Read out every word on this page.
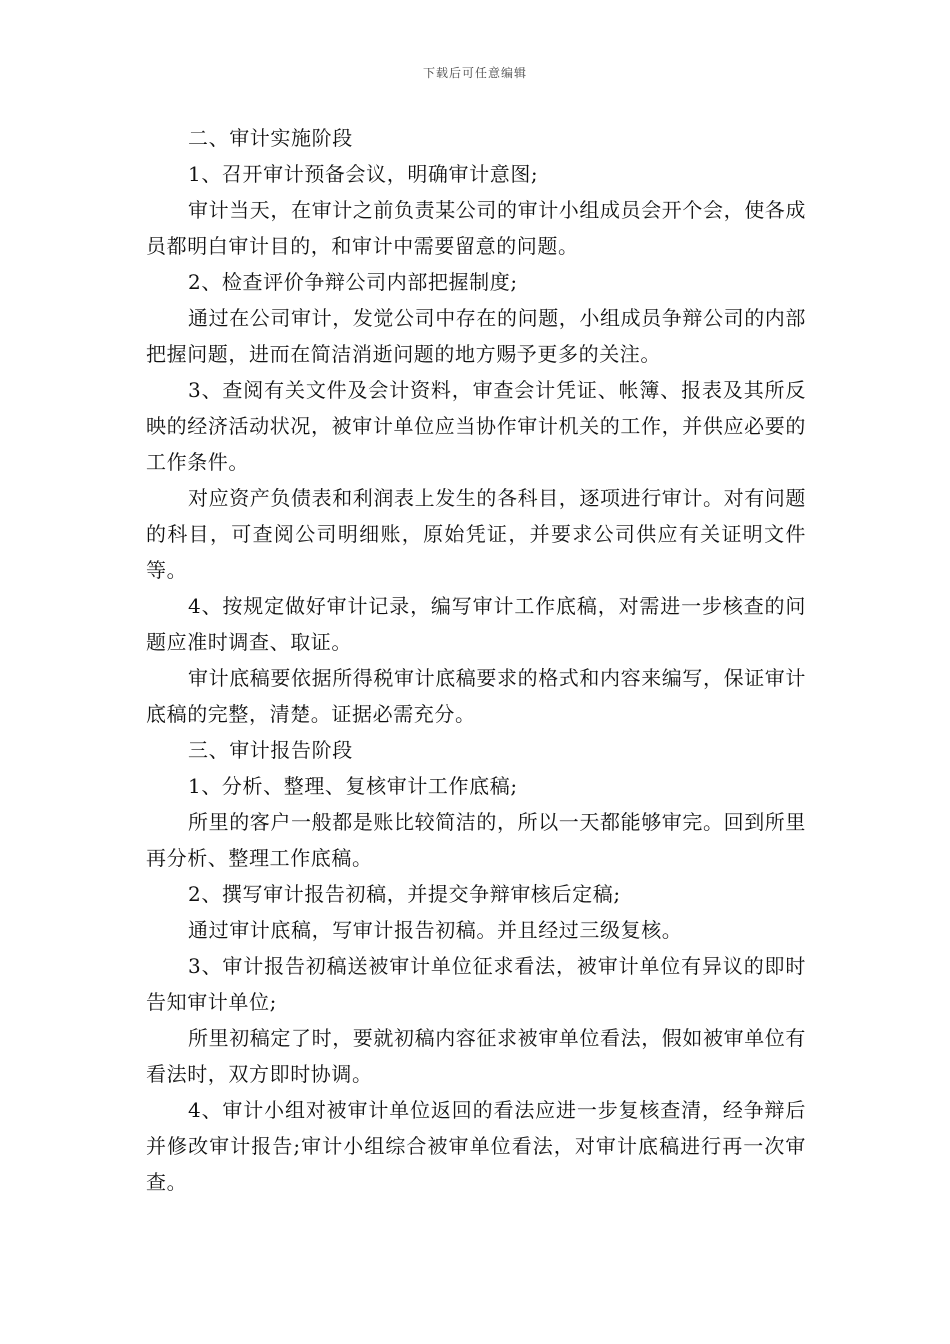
下载后可任意编辑

二、审计实施阶段

1、召开审计预备会议，明确审计意图;

审计当天，在审计之前负责某公司的审计小组成员会开个会，使各成员都明白审计目的，和审计中需要留意的问题。

2、检查评价争辩公司内部把握制度;

通过在公司审计，发觉公司中存在的问题，小组成员争辩公司的内部把握问题，进而在简洁消逝问题的地方赐予更多的关注。

3、查阅有关文件及会计资料，审查会计凭证、帐簿、报表及其所反映的经济活动状况，被审计单位应当协作审计机关的工作，并供应必要的工作条件。

对应资产负债表和利润表上发生的各科目，逐项进行审计。对有问题的科目，可查阅公司明细账，原始凭证，并要求公司供应有关证明文件等。

4、按规定做好审计记录，编写审计工作底稿，对需进一步核查的问题应准时调查、取证。

审计底稿要依据所得税审计底稿要求的格式和内容来编写，保证审计底稿的完整，清楚。证据必需充分。

三、审计报告阶段

1、分析、整理、复核审计工作底稿;

所里的客户一般都是账比较简洁的，所以一天都能够审完。回到所里再分析、整理工作底稿。

2、撰写审计报告初稿，并提交争辩审核后定稿;

通过审计底稿，写审计报告初稿。并且经过三级复核。

3、审计报告初稿送被审计单位征求看法，被审计单位有异议的即时告知审计单位;

所里初稿定了时，要就初稿内容征求被审单位看法，假如被审单位有看法时，双方即时协调。

4、审计小组对被审计单位返回的看法应进一步复核查清，经争辩后并修改审计报告;审计小组综合被审单位看法，对审计底稿进行再一次审查。
